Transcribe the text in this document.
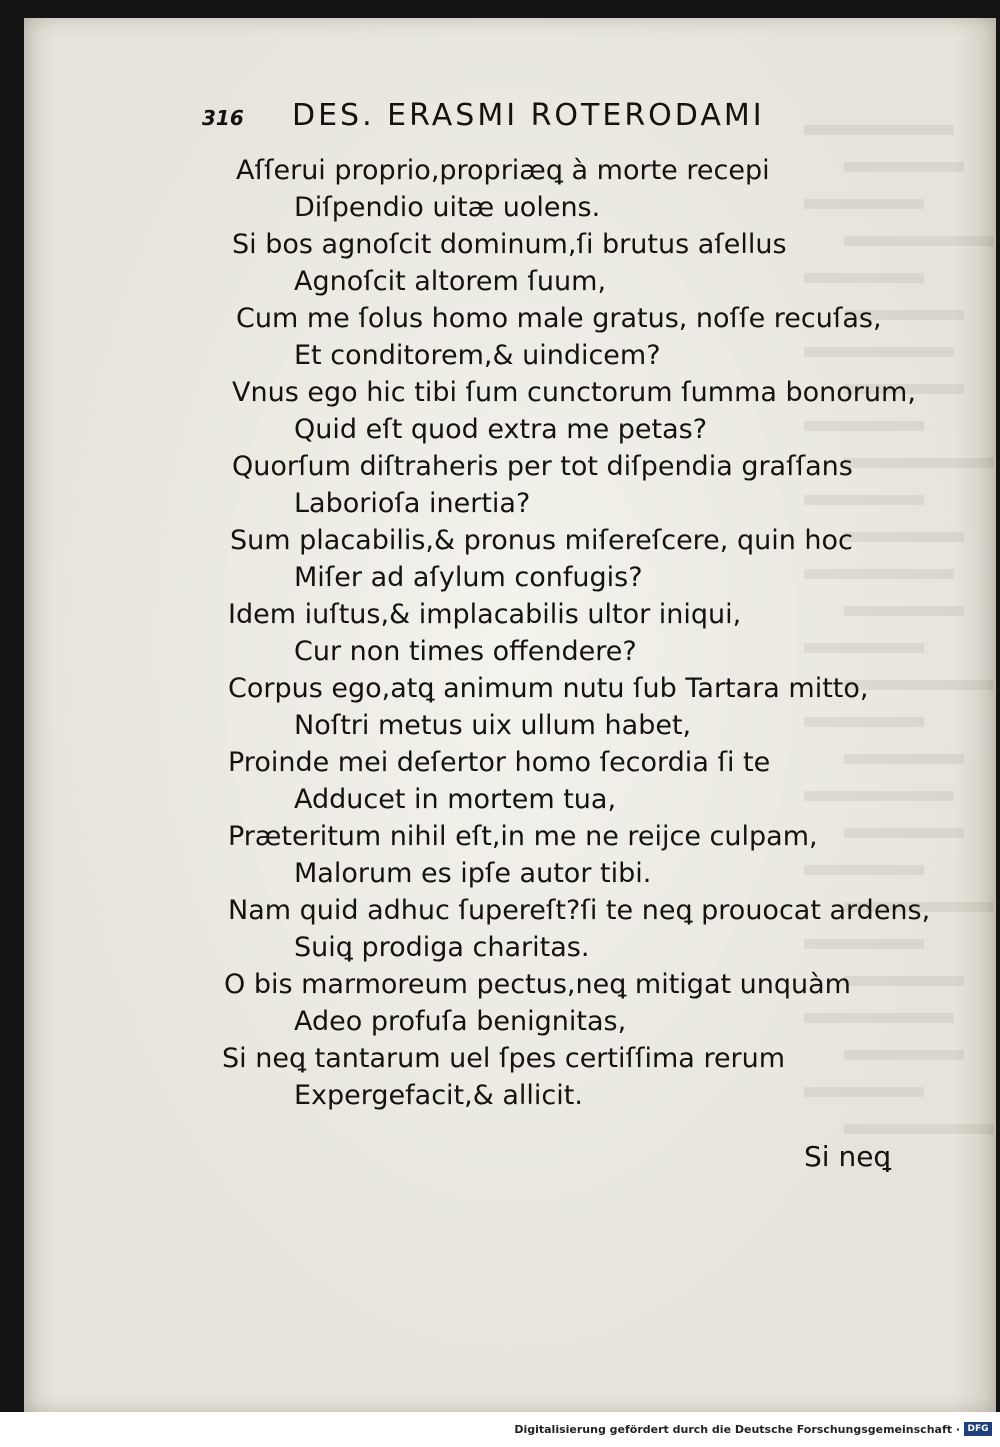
316 DES. ERASMI ROTERODAMI
Aſſerui proprio,propriæꝗ à morte recepi
Diſpendio uitæ uolens.
Si bos agnoſcit dominum,ſi brutus aſellus
Agnoſcit altorem ſuum,
Cum me ſolus homo male gratus, noſſe recuſas,
Et conditorem,& uindicem?
Vnus ego hic tibi ſum cunctorum ſumma bonorum,
Quid eſt quod extra me petas?
Quorſum diſtraheris per tot diſpendia graſſans
Laborioſa inertia?
Sum placabilis,& pronus miſereſcere, quin hoc
Miſer ad aſylum confugis?
Idem iuſtus,& implacabilis ultor iniqui,
Cur non times offendere?
Corpus ego,atꝗ animum nutu ſub Tartara mitto,
Noſtri metus uix ullum habet,
Proinde mei deſertor homo ſecordia ſi te
Adducet in mortem tua,
Præteritum nihil eſt,in me ne reijce culpam,
Malorum es ipſe autor tibi.
Nam quid adhuc ſupereſt?ſi te neꝗ prouocat ardens,
Suiꝗ prodiga charitas.
O bis marmoreum pectus,neꝗ mitigat unquàm
Adeo profuſa benignitas,
Si neꝗ tantarum uel ſpes certiſſima rerum
Expergefacit,& allicit.
Si neꝗ
Digitalisierung gefördert durch die Deutsche Forschungsgemeinschaft · DFG
